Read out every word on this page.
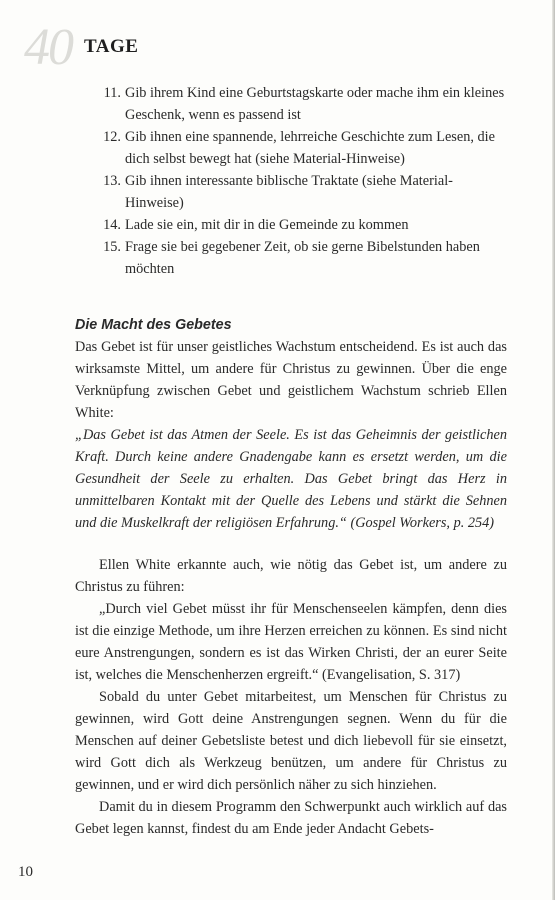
40 TAGE
11. Gib ihrem Kind eine Geburtstagskarte oder mache ihm ein kleines Geschenk, wenn es passend ist
12. Gib ihnen eine spannende, lehrreiche Geschichte zum Lesen, die dich selbst bewegt hat (siehe Material-Hinweise)
13. Gib ihnen interessante biblische Traktate (siehe Material-Hinweise)
14. Lade sie ein, mit dir in die Gemeinde zu kommen
15. Frage sie bei gegebener Zeit, ob sie gerne Bibelstunden haben möchten
Die Macht des Gebetes

Das Gebet ist für unser geistliches Wachstum entscheidend. Es ist auch das wirksamste Mittel, um andere für Christus zu gewinnen. Über die enge Verknüpfung zwischen Gebet und geistlichem Wachstum schrieb Ellen White:

„Das Gebet ist das Atmen der Seele. Es ist das Geheimnis der geistlichen Kraft. Durch keine andere Gnadengabe kann es ersetzt werden, um die Gesundheit der Seele zu erhalten. Das Gebet bringt das Herz in unmittelbaren Kontakt mit der Quelle des Lebens und stärkt die Sehnen und die Muskelkraft der religiösen Erfahrung.“ (Gospel Workers, p. 254)

Ellen White erkannte auch, wie nötig das Gebet ist, um andere zu Christus zu führen:

„Durch viel Gebet müsst ihr für Menschenseelen kämpfen, denn dies ist die einzige Methode, um ihre Herzen erreichen zu können. Es sind nicht eure Anstrengungen, sondern es ist das Wirken Christi, der an eurer Seite ist, welches die Menschenherzen ergreift.“ (Evangelisation, S. 317)

Sobald du unter Gebet mitarbeitest, um Menschen für Christus zu gewinnen, wird Gott deine Anstrengungen segnen. Wenn du für die Menschen auf deiner Gebetsliste betest und dich liebevoll für sie einsetzt, wird Gott dich als Werkzeug benützen, um andere für Christus zu gewinnen, und er wird dich persönlich näher zu sich hinziehen.

Damit du in diesem Programm den Schwerpunkt auch wirklich auf das Gebet legen kannst, findest du am Ende jeder Andacht Gebets-

10
